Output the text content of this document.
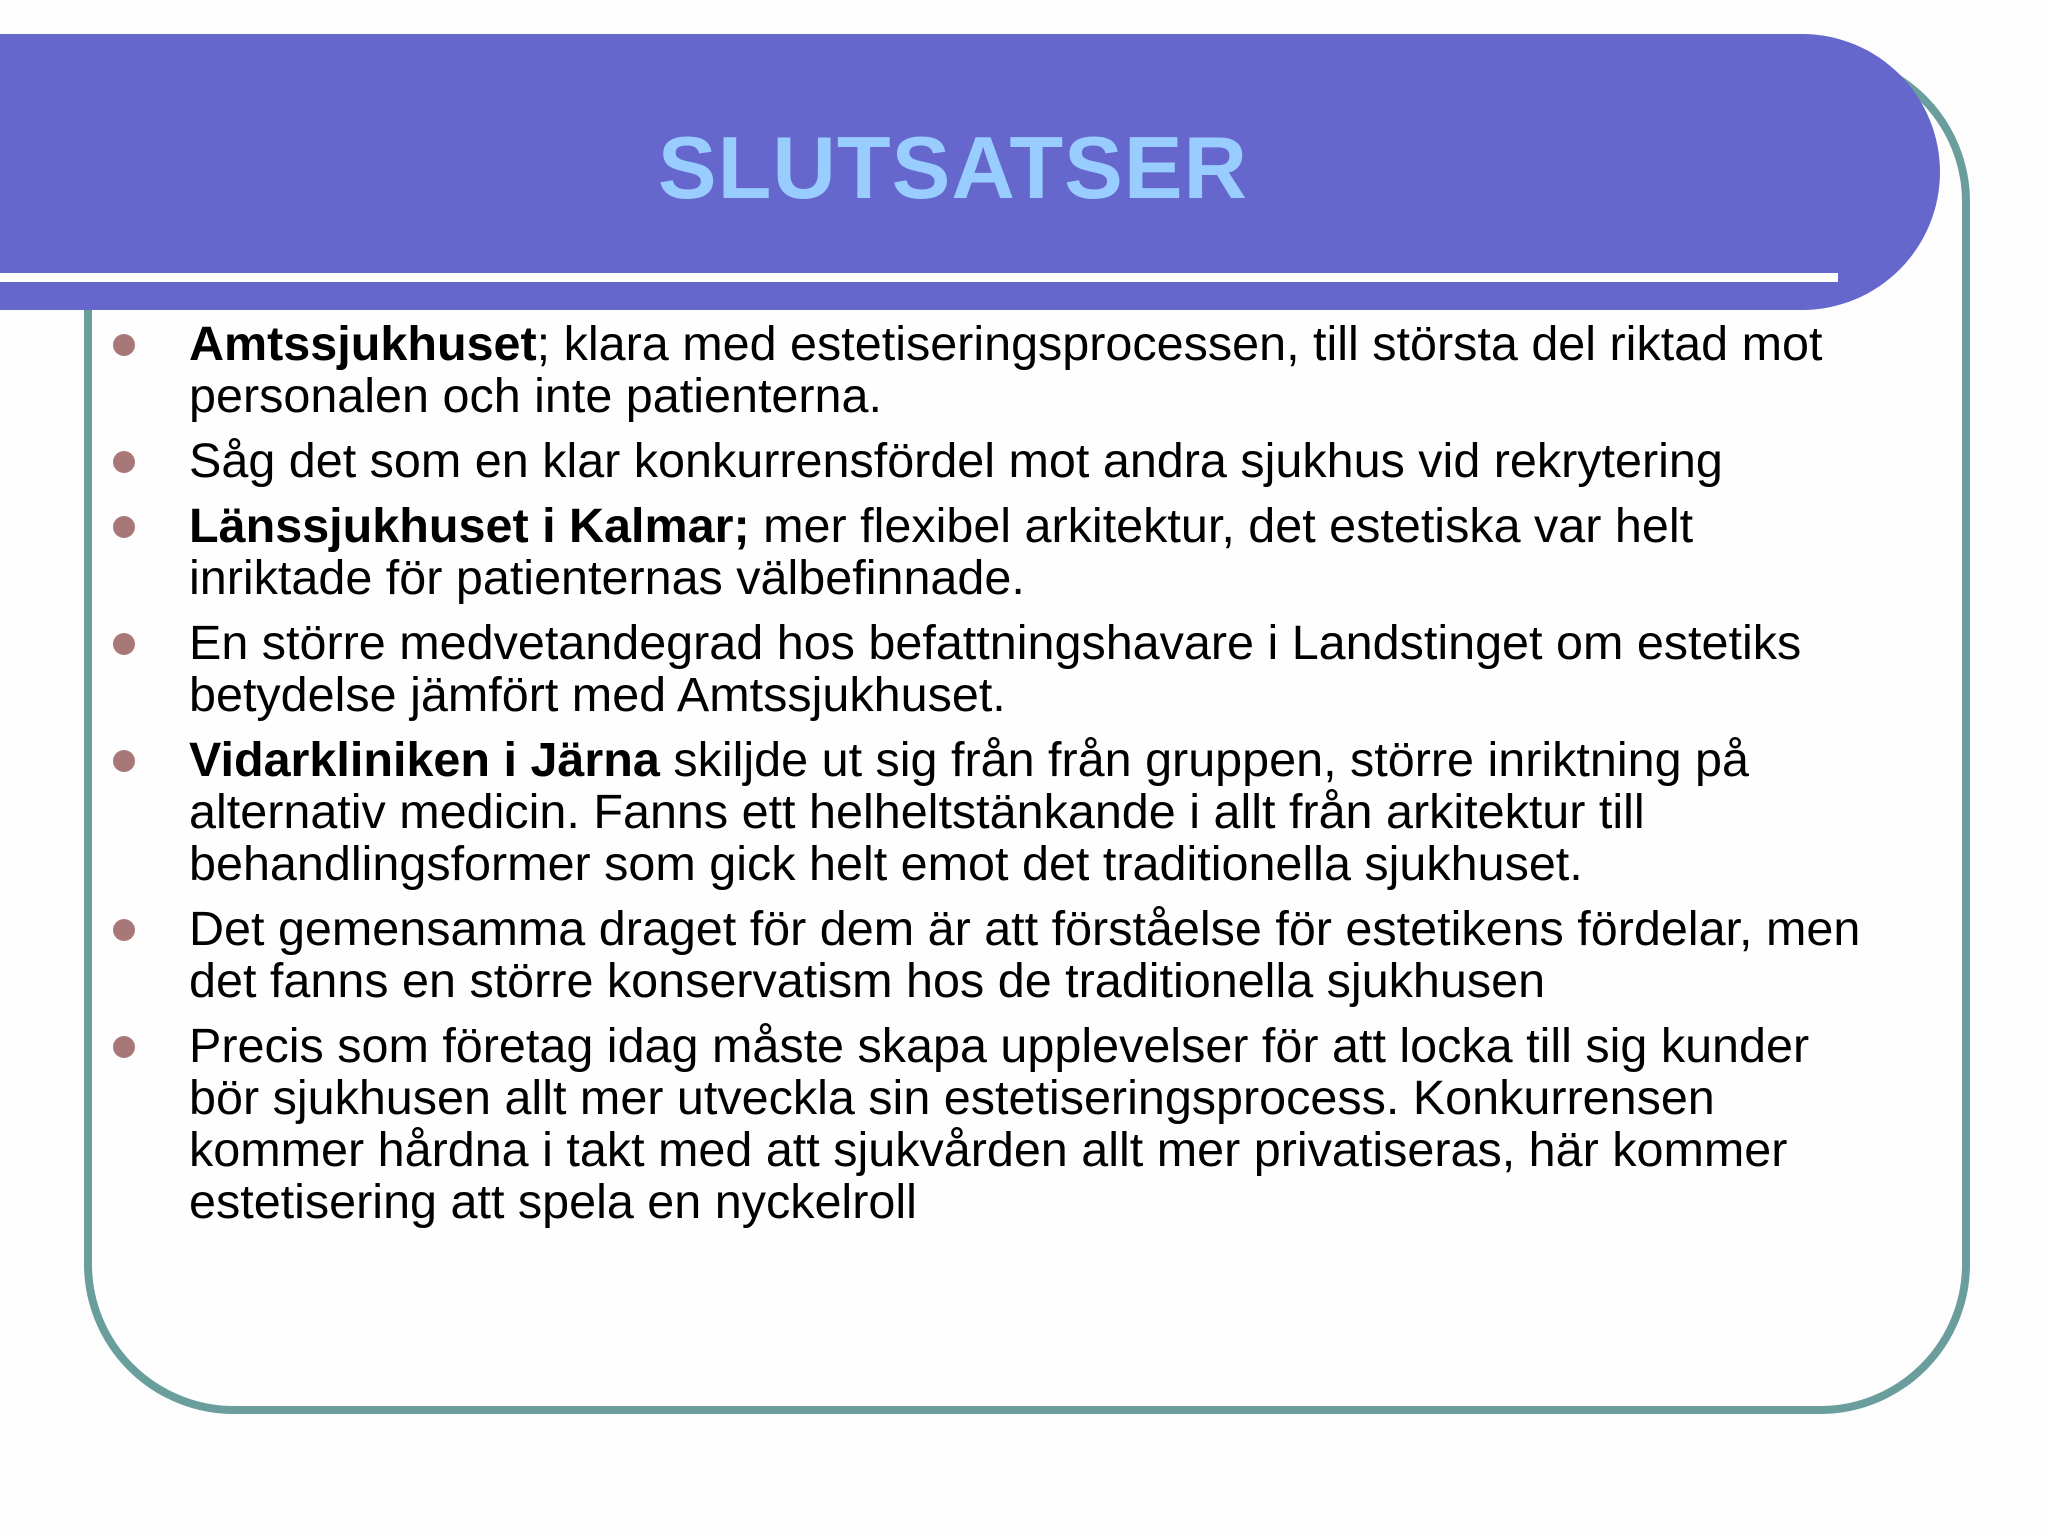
SLUTSATSER
Amtssjukhuset; klara med estetiseringsprocessen, till största del riktad mot personalen och inte patienterna.
Såg det som en klar konkurrensfördel mot andra sjukhus vid rekrytering
Länssjukhuset i Kalmar; mer flexibel arkitektur, det estetiska var helt inriktade för patienternas välbefinnade.
En större medvetandegrad hos befattningshavare i Landstinget om estetiks betydelse jämfört med Amtssjukhuset.
Vidarkliniken i Järna skiljde ut sig från från gruppen, större inriktning på alternativ medicin. Fanns ett helheltstänkande i allt från arkitektur till behandlingsformer som gick helt emot det traditionella sjukhuset.
Det gemensamma draget för dem är att förståelse för estetikens fördelar, men det fanns en större konservatism hos de traditionella sjukhusen
Precis som företag idag måste skapa upplevelser för att locka till sig kunder bör sjukhusen allt mer utveckla sin estetiseringsprocess. Konkurrensen kommer hårdna i takt med att sjukvården allt mer privatiseras, här kommer estetisering att spela en nyckelroll
